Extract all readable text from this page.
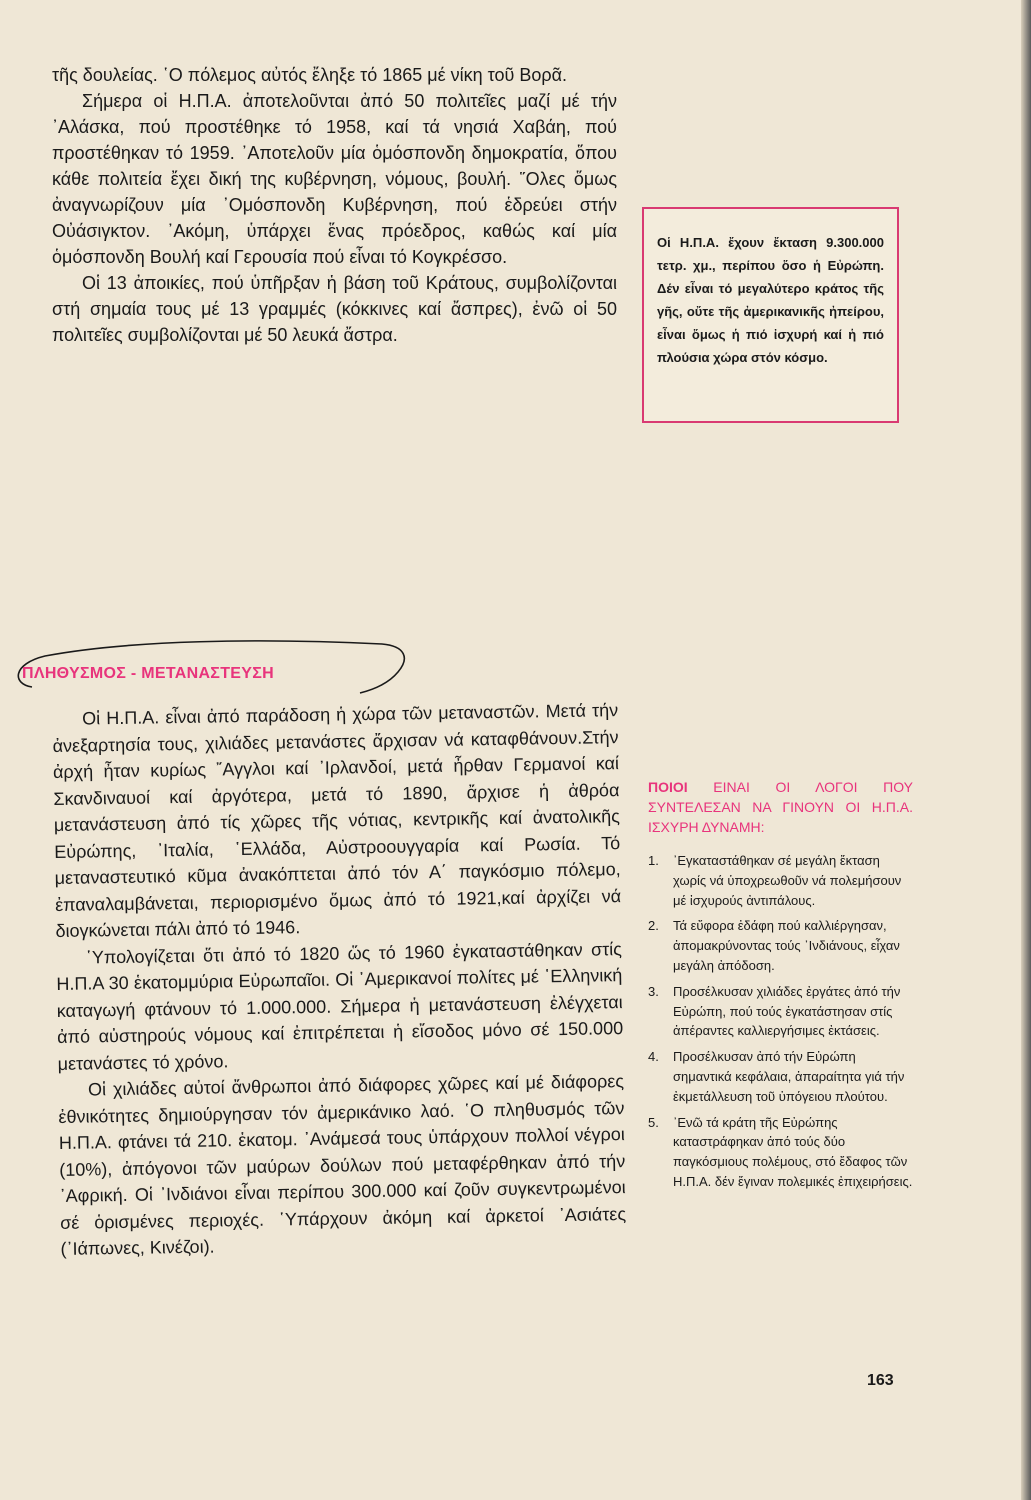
τῆς δουλείας. ῾Ο πόλεμος αὐτός ἔληξε τό 1865 μέ νίκη τοῦ Βορᾶ.

Σήμερα οἱ Η.Π.Α. ἀποτελοῦνται ἀπό 50 πολιτεῖες μαζί μέ τήν ᾽Αλάσκα, πού προστέθηκε τό 1958, καί τά νησιά Χαβάη, πού προστέθηκαν τό 1959. ᾽Αποτελοῦν μία ὁμόσπονδη δημοκρατία, ὅπου κάθε πολιτεία ἔχει δική της κυβέρνηση, νόμους, βουλή. ῞Ολες ὅμως ἀναγνωρίζουν μία ᾽Ομόσπονδη Κυβέρνηση, πού ἑδρεύει στήν Οὐάσιγκτον. ᾽Ακόμη, ὑπάρχει ἕνας πρόεδρος, καθώς καί μία ὁμόσπονδη Βουλή καί Γερουσία πού εἶναι τό Κογκρέσσο.

Οἱ 13 ἀποικίες, πού ὑπῆρξαν ἡ βάση τοῦ Κράτους, συμβολίζονται στή σημαία τους μέ 13 γραμμές (κόκκινες καί ἄσπρες), ἐνῶ οἱ 50 πολιτεῖες συμβολίζονται μέ 50 λευκά ἄστρα.

Οἱ Η.Π.Α. ἔχουν ἔκταση 9.300.000 τετρ. χμ., περίπου ὅσο ἡ Εὐρώπη. Δέν εἶναι τό μεγαλύτερο κράτος τῆς γῆς, οὔτε τῆς ἀμερικανικῆς ἠπείρου, εἶναι ὅμως ἡ πιό ἰσχυρή καί ἡ πιό πλούσια χώρα στόν κόσμο.
ΠΛΗΘΥΣΜΟΣ - ΜΕΤΑΝΑΣΤΕΥΣΗ

Οἱ Η.Π.Α. εἶναι ἀπό παράδοση ἡ χώρα τῶν μεταναστῶν. Μετά τήν ἀνεξαρτησία τους, χιλιάδες μετανάστες ἄρχισαν νά καταφθάνουν.Στήν ἀρχή ἦταν κυρίως ῎Αγγλοι καί ᾽Ιρλανδοί, μετά ἦρθαν Γερμανοί καί Σκανδιναυοί καί ἀργότερα, μετά τό 1890, ἄρχισε ἡ ἀθρόα μετανάστευση ἀπό τίς χῶρες τῆς νότιας, κεντρικῆς καί ἀνατολικῆς Εὐρώπης, ᾽Ιταλία, ῾Ελλάδα, Αὐστροουγγαρία καί Ρωσία. Τό μεταναστευτικό κῦμα ἀνακόπτεται ἀπό τόν Α΄ παγκόσμιο πόλεμο, ἐπαναλαμβάνεται, περιορισμένο ὅμως ἀπό τό 1921,καί ἀρχίζει νά διογκώνεται πάλι ἀπό τό 1946.

῾Υπολογίζεται ὅτι ἀπό τό 1820 ὥς τό 1960 ἐγκαταστάθηκαν στίς Η.Π.Α 30 ἑκατομμύρια Εὐρωπαῖοι. Οἱ ᾽Αμερικανοί πολίτες μέ ῾Ελληνική καταγωγή φτάνουν τό 1.000.000. Σήμερα ἡ μετανάστευση ἐλέγχεται ἀπό αὐστηρούς νόμους καί ἐπιτρέπεται ἡ εἴσοδος μόνο σέ 150.000 μετανάστες τό χρόνο.

Οἱ χιλιάδες αὐτοί ἄνθρωποι ἀπό διάφορες χῶρες καί μέ διάφορες ἐθνικότητες δημιούργησαν τόν ἀμερικάνικο λαό. ῾Ο πληθυσμός τῶν Η.Π.Α. φτάνει τά 210. ἑκατομ. ᾽Ανάμεσά τους ὑπάρχουν πολλοί νέγροι (10%), ἀπόγονοι τῶν μαύρων δούλων πού μεταφέρθηκαν ἀπό τήν ᾽Αφρική. Οἱ ᾽Ινδιάνοι εἶναι περίπου 300.000 καί ζοῦν συγκεντρωμένοι σέ ὁρισμένες περιοχές. ῾Υπάρχουν ἀκόμη καί ἀρκετοί ᾽Ασιάτες (᾽Ιάπωνες, Κινέζοι).

ΠΟΙΟΙ ΕΙΝΑΙ ΟΙ ΛΟΓΟΙ ΠΟΥ ΣΥΝΤΕΛΕΣΑΝ ΝΑ ΓΙΝΟΥΝ ΟΙ Η.Π.Α. ΙΣΧΥΡΗ ΔΥΝΑΜΗ:

1. ᾽Εγκαταστάθηκαν σέ μεγάλη ἔκταση χωρίς νά ὑποχρεωθοῦν νά πολεμήσουν μέ ἰσχυρούς ἀντιπάλους.
2. Τά εὔφορα ἐδάφη πού καλλιέργησαν, ἀπομακρύνοντας τούς ᾽Ινδιάνους, εἶχαν μεγάλη ἀπόδοση.
3. Προσέλκυσαν χιλιάδες ἐργάτες ἀπό τήν Εὐρώπη, πού τούς ἐγκατάστησαν στίς ἀπέραντες καλλιεργήσιμες ἐκτάσεις.
4. Προσέλκυσαν ἀπό τήν Εὐρώπη σημαντικά κεφάλαια, ἀπαραίτητα γιά τήν ἐκμετάλλευση τοῦ ὑπόγειου πλούτου.
5. ᾽Ενῶ τά κράτη τῆς Εὐρώπης καταστράφηκαν ἀπό τούς δύο παγκόσμιους πολέμους, στό ἔδαφος τῶν Η.Π.Α. δέν ἔγιναν πολεμικές ἐπιχειρήσεις.
163
